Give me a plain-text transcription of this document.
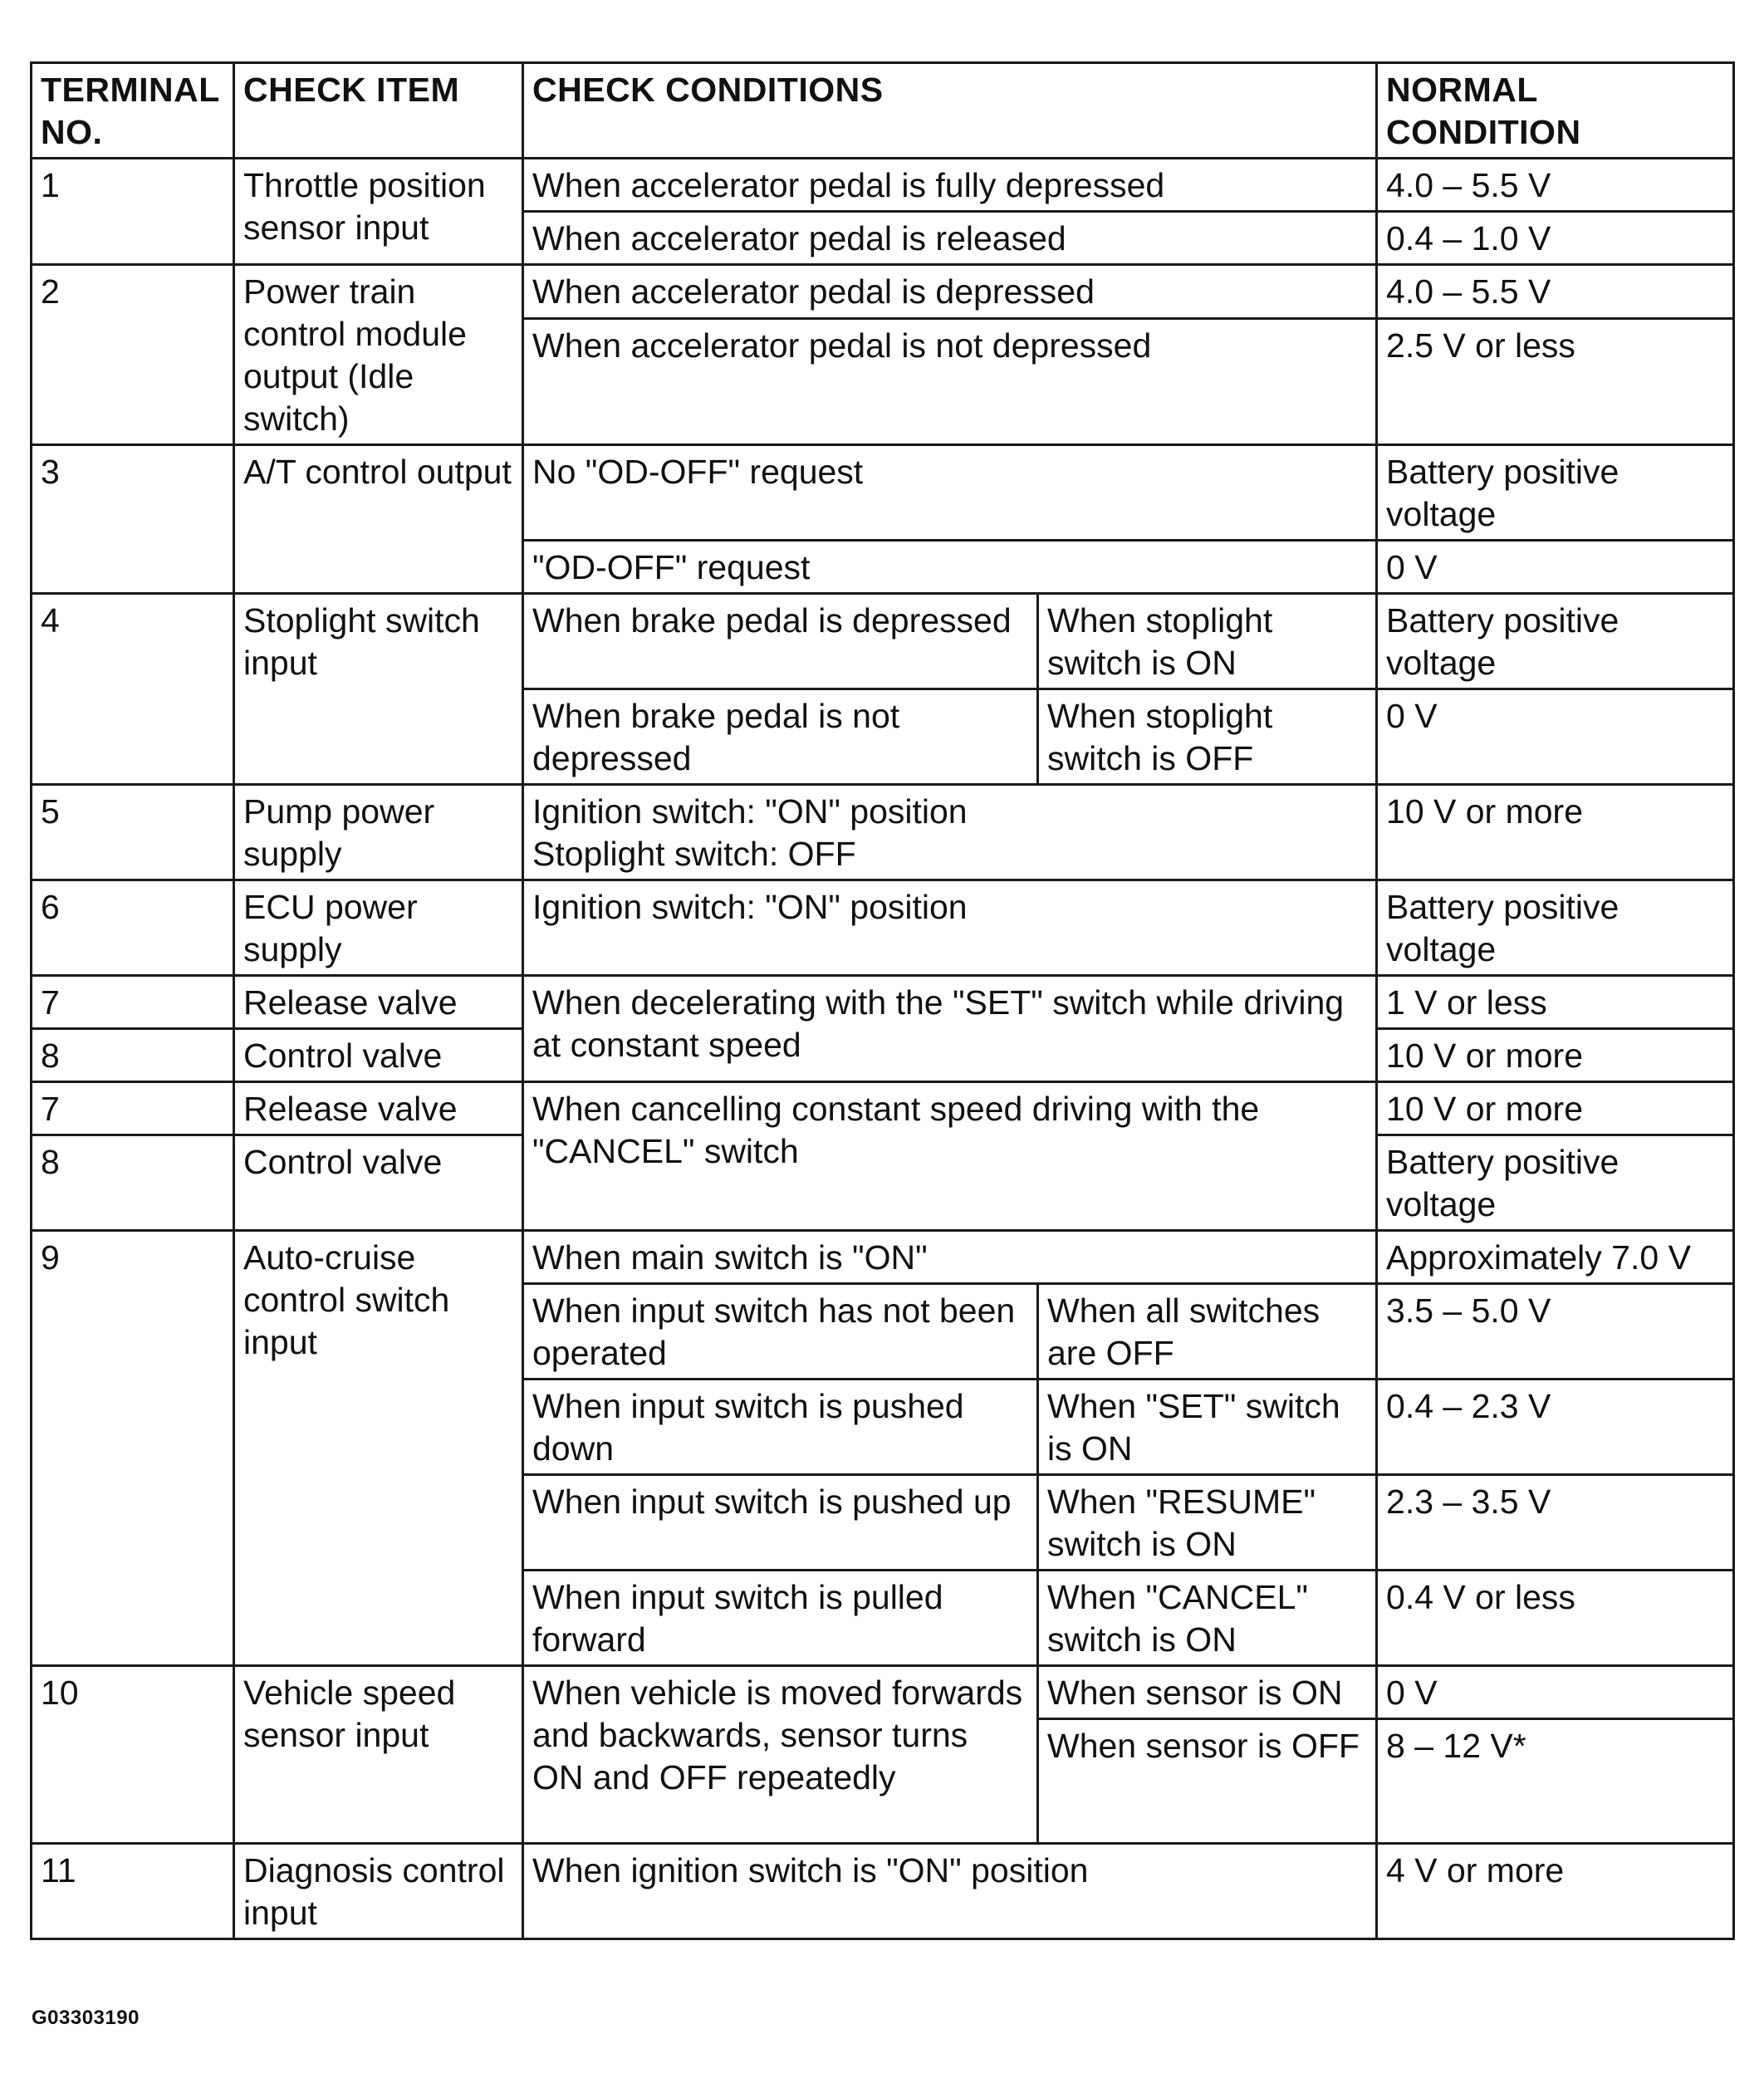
TERMINAL NO.	CHECK ITEM	CHECK CONDITIONS		NORMAL CONDITION

1	Throttle position sensor input	When accelerator pedal is fully depressed		4.0 – 5.5 V

		When accelerator pedal is released		0.4 – 1.0 V

2	Power train control module output (Idle switch)	When accelerator pedal is depressed		4.0 – 5.5 V

		When accelerator pedal is not depressed		2.5 V or less

3	A/T control output	No "OD-OFF" request		Battery positive voltage

		"OD-OFF" request		0 V

4	Stoplight switch input	When brake pedal is depressed	When stoplight switch is ON	Battery positive voltage

		When brake pedal is not depressed	When stoplight switch is OFF	0 V

5	Pump power supply	Ignition switch: "ON" position
Stoplight switch: OFF		10 V or more

6	ECU power supply	Ignition switch: "ON" position		Battery positive voltage

7	Release valve	When decelerating with the "SET" switch while driving at constant speed		1 V or less

8	Control valve			10 V or more

7	Release valve	When cancelling constant speed driving with the "CANCEL" switch		10 V or more

8	Control valve			Battery positive voltage

9	Auto-cruise control switch input	When main switch is "ON"		Approximately 7.0 V

		When input switch has not been operated	When all switches are OFF	3.5 – 5.0 V

		When input switch is pushed down	When "SET" switch is ON	0.4 – 2.3 V

		When input switch is pushed up	When "RESUME" switch is ON	2.3 – 3.5 V

		When input switch is pulled forward	When "CANCEL" switch is ON	0.4 V or less

10	Vehicle speed sensor input	When vehicle is moved forwards and backwards, sensor turns ON and OFF repeatedly	When sensor is ON	0 V

			When sensor is OFF	8 – 12 V*

11	Diagnosis control input	When ignition switch is "ON" position		4 V or more
G03303190
